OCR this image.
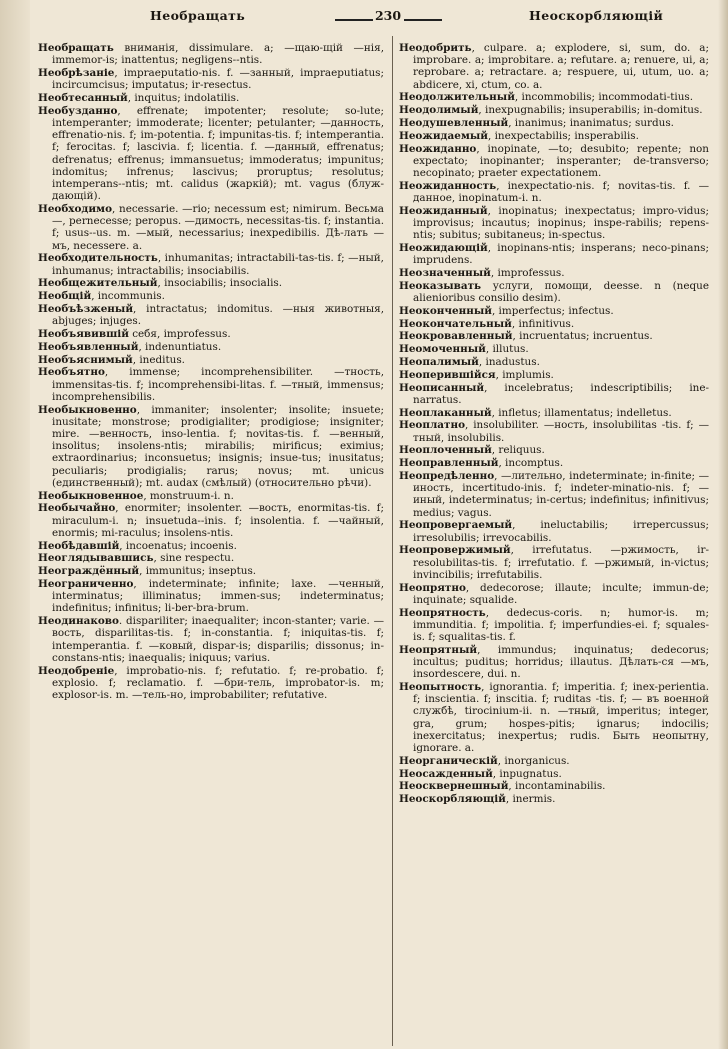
Необращать	230	Неоскорбляющій

Необращать вниманія, dissimulare. a; —щаю-щій —нія, immemor-is; inattentus; negligens--ntis.

Необрѣзаніе, impraeputatio-nis. f. —занный, impraeputiatus; incircumcisus; imputatus; ir-resectus.

Необтесанный, inquitus; indolatilis.

Необузданно, effrenate; impotenter; resolute; so-lute; intemperanter; immoderate; licenter; petulanter; —данность, effrenatio-nis. f; im-potentia. f; impunitas-tis. f; intemperantia. f; ferocitas. f; lascivia. f; licentia. f. —данный, effrenatus; defrenatus; effrenus; immansuetus; immoderatus; impunitus; indomitus; infrenus; lascivus; proruptus; resolutus; intemperans--ntis; mt. calidus (жаркій); mt. vagus (блуж-дающій).

Необходимо, necessarie. —rio; necessum est; nimirum. Весьма —, pernecesse; peropus. —димость, necessitas-tis. f; instantia. f; usus--us. m. —мый, necessarius; inexpedibilis. Дѣ-лать —мъ, necessere. a.

Необходительность, inhumanitas; intractabili-tas-tis. f; —ный, inhumanus; intractabilis; insociabilis.

Необщежительный, insociabilis; insocialis.

Необщій, incommunis.

Необъѣзженый, intractatus; indomitus. —ныя животныя, abjuges; injuges.

Необъявившій себя, improfessus.

Необъявленный, indenuntiatus.

Необъяснимый, ineditus.

Необъятно, immense; incomprehensibiliter. —тность, immensitas-tis. f; incomprehensibi-litas. f. —тный, immensus; incomprehensibilis.

Необыкновенно, immaniter; insolenter; insolite; insuete; inusitate; monstrose; prodigialiter; prodigiose; insigniter; mire. —венность, inso-lentia. f; novitas-tis. f. —венный, insolitus; insolens-ntis; mirabilis; mirificus; eximius; extraordinarius; inconsuetus; insignis; insue-tus; inusitatus; peculiaris; prodigialis; rarus; novus; mt. unicus (единственный); mt. audax (смѣлый) (относительно рѣчи).

Необыкновенное, monstruum-i. n.

Необычайно, enormiter; insolenter. —вость, enormitas-tis. f; miraculum-i. n; insuetuda--inis. f; insolentia. f. —чайный, enormis; mi-raculus; insolens-ntis.

Необѣдавшій, incoenatus; incoenis.

Неоглядывавшись, sine respectu.

Неограждённый, immunitus; inseptus.

Неограниченно, indeterminate; infinite; laxe. —ченный, interminatus; illiminatus; immen-sus; indeterminatus; indefinitus; infinitus; li-ber-bra-brum.

Неодинаково. dispariliter; inaequaliter; incon-stanter; varie. —вость, disparilitas-tis. f; in-constantia. f; iniquitas-tis. f; intemperantia. f. —ковый, dispar-is; disparilis; dissonus; in-constans-ntis; inaequalis; iniquus; varius.

Неодобреніе, improbatio-nis. f; refutatio. f; re-probatio. f; explosio. f; reclamatio. f. —бри-тель, improbator-is. m; explosor-is. m. —тель-но, improbabiliter; refutative.

Неодобрить, culpare. a; explodere, si, sum, do. a; improbare. a; improbitare. a; refutare. a; renuere, ui, a; reprobare. a; retractare. a; respuere, ui, utum, uo. a; abdicere, xi, ctum, co. a.

Неодолжительный, incommobilis; incommodati-tius.

Неодолимый, inexpugnabilis; insuperabilis; in-domitus.

Неодушевленный, inanimus; inanimatus; surdus.

Неожидаемый, inexpectabilis; insperabilis.

Неожиданно, inopinate, —to; desubito; repente; non expectato; inopinanter; insperanter; de-transverso; necopinato; praeter expectationem.

Неожиданность, inexpectatio-nis. f; novitas-tis. f. —данное, inopinatum-i. n.

Неожиданный, inopinatus; inexpectatus; impro-vidus; improvisus; incautus; inopinus; inspe-rabilis; repens-ntis; subitus; subitaneus; in-spectus.

Неожидающій, inopinans-ntis; insperans; neco-pinans; imprudens.

Неозначенный, improfessus.

Неоказывать услуги, помощи, deesse. n (neque alienioribus consilio desim).

Неоконченный, imperfectus; infectus.

Неокончательный, infinitivus.

Неокровавленный, incruentatus; incruentus.

Неомоченный, illutus.

Неопалимый, inadustus.

Неоперившійся, implumis.

Неописанный, incelebratus; indescriptibilis; ine-narratus.

Неоплаканный, infletus; illamentatus; indelletus.

Неоплатно, insolubiliter. —ность, insolubilitas -tis. f; —тный, insolubilis.

Неоплоченный, reliquus.

Неоправленный, incomptus.

Неопредѣленно, —лительно, indeterminate; in-finite; —иность, incertitudo-inis. f; indeter-minatio-nis. f; —иный, indeterminatus; in-certus; indefinitus; infinitivus; medius; vagus.

Неопровергаемый, ineluctabilis; irrepercussus; irresolubilis; irrevocabilis.

Неопровержимый, irrefutatus. —ржимость, ir-resolubilitas-tis. f; irrefutatio. f. —ржимый, in-victus; invincibilis; irrefutabilis.

Неопрятно, dedecorose; illaute; inculte; immun-de; inquinate; squalide.

Неопрятность, dedecus-coris. n; humor-is. m; immunditia. f; impolitia. f; imperfundies-ei. f; squales-is. f; squalitas-tis. f.

Неопрятный, immundus; inquinatus; dedecorus; incultus; puditus; horridus; illautus. Дѣлать-ся —мъ, insordescere, dui. n.

Неопытность, ignorantia. f; imperitia. f; inex-perientia. f; inscientia. f; inscitia. f; ruditas -tis. f; — въ военной службѣ, tirocinium-ii. n. —тный, imperitus; integer, gra, grum; hospes-pitis; ignarus; indocilis; inexercitatus; inexpertus; rudis. Быть неопытну, ignorare. a.

Неорганическій, inorganicus.

Неосажденный, inpugnatus.

Неосквернешный, incontaminabilis.

Неоскорбляющій, inermis.
